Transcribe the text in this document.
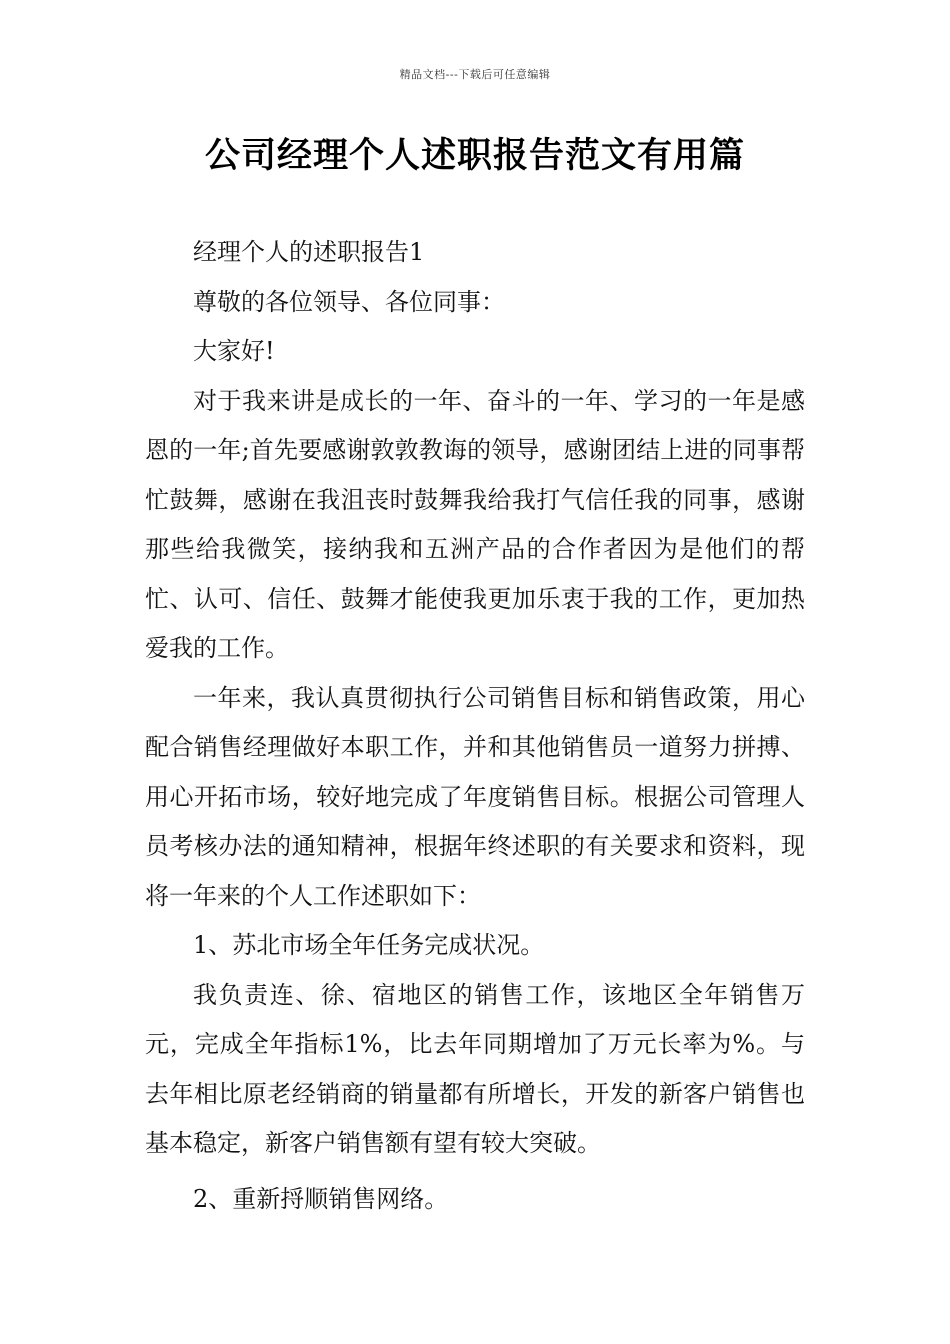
精品文档---下载后可任意编辑
公司经理个人述职报告范文有用篇

经理个人的述职报告1

尊敬的各位领导、各位同事：

大家好!

对于我来讲是成长的一年、奋斗的一年、学习的一年是感恩的一年;首先要感谢敦敦教诲的领导，感谢团结上进的同事帮忙鼓舞，感谢在我沮丧时鼓舞我给我打气信任我的同事，感谢那些给我微笑，接纳我和五洲产品的合作者因为是他们的帮忙、认可、信任、鼓舞才能使我更加乐衷于我的工作，更加热爱我的工作。

一年来，我认真贯彻执行公司销售目标和销售政策，用心配合销售经理做好本职工作，并和其他销售员一道努力拼搏、用心开拓市场，较好地完成了年度销售目标。根据公司管理人员考核办法的通知精神，根据年终述职的有关要求和资料，现将一年来的个人工作述职如下：

1、苏北市场全年任务完成状况。

我负责连、徐、宿地区的销售工作，该地区全年销售万元，完成全年指标1%，比去年同期增加了万元长率为%。与去年相比原老经销商的销量都有所增长，开发的新客户销售也基本稳定，新客户销售额有望有较大突破。

2、重新捋顺销售网络。
